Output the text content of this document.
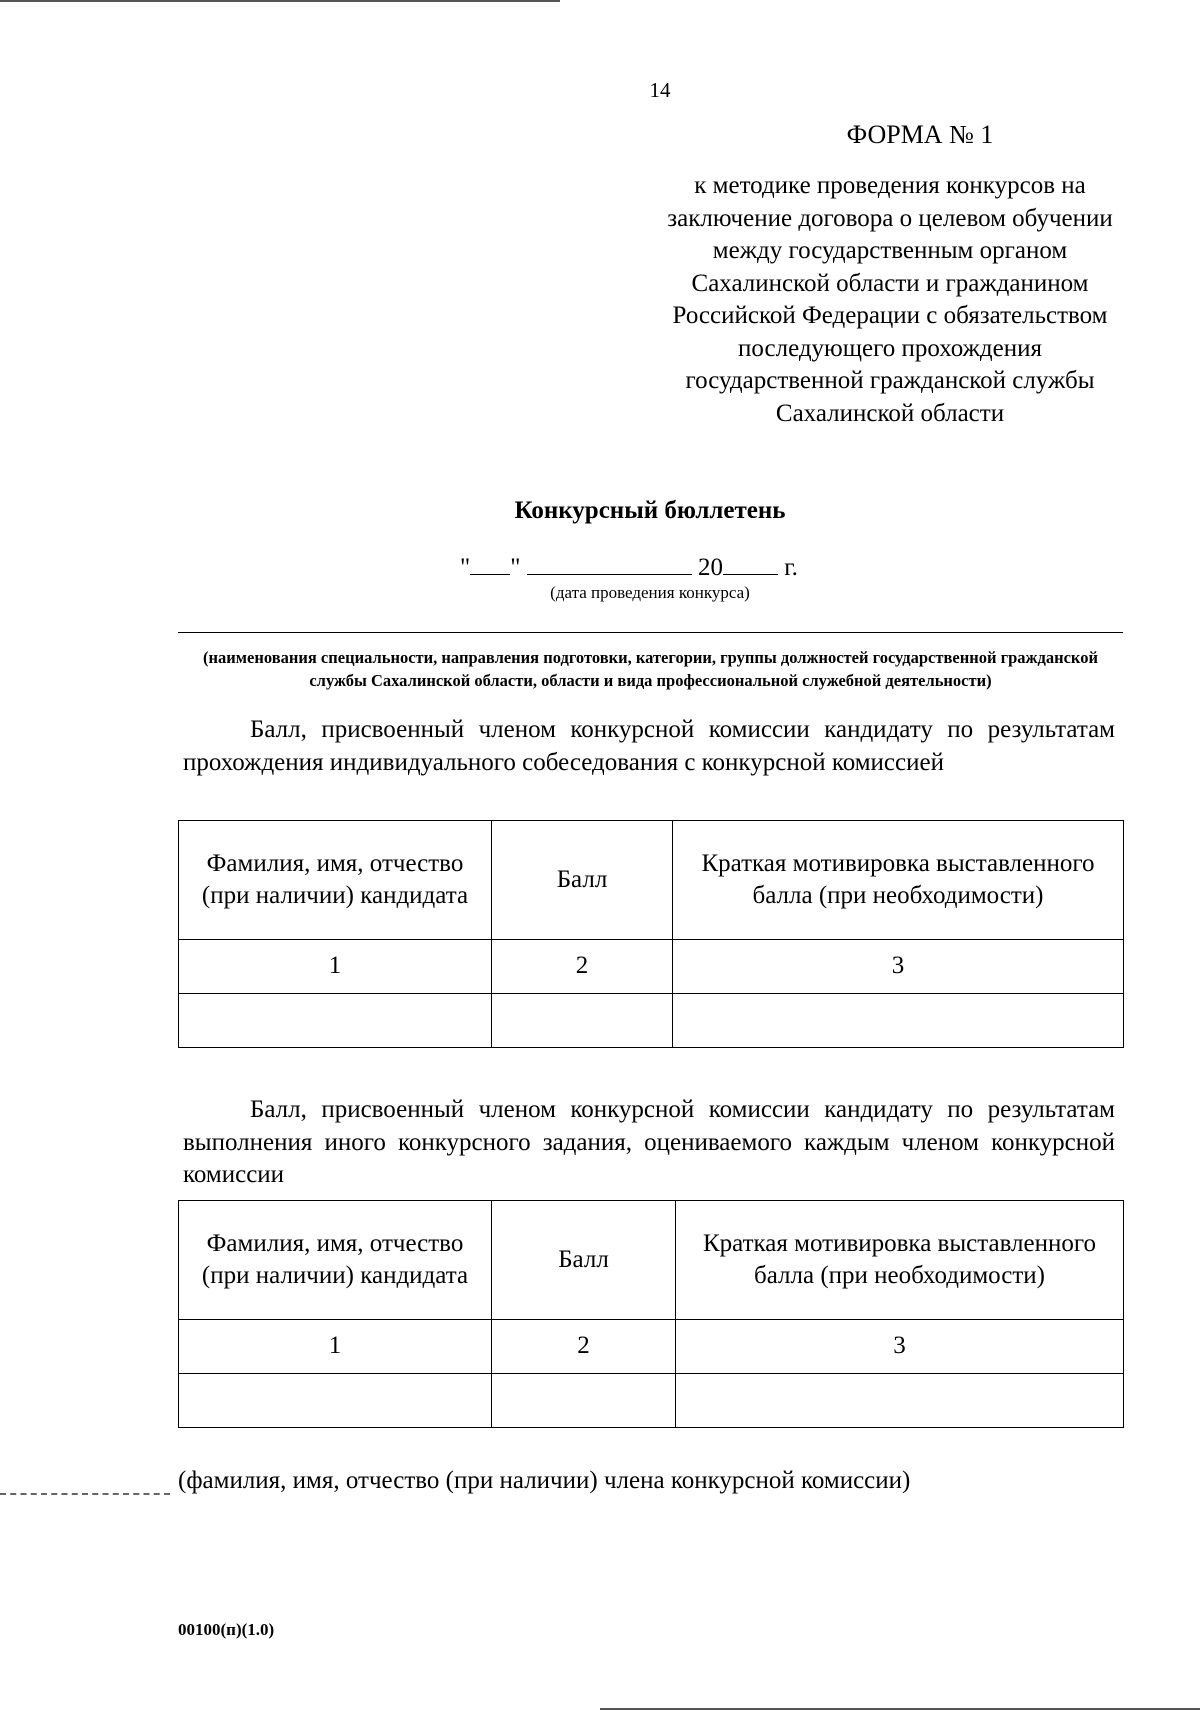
14
ФОРМА № 1
к методике проведения конкурсов на
заключение договора о целевом обучении
между государственным органом
Сахалинской области и гражданином
Российской Федерации с обязательством
последующего прохождения
государственной гражданской службы
Сахалинской области
Конкурсный бюллетень
" "	20 г.
(дата проведения конкурса)
(наименования специальности, направления подготовки, категории, группы должностей государственной гражданской службы Сахалинской области, области и вида профессиональной служебной деятельности)
Балл, присвоенный членом конкурсной комиссии кандидату по результатам прохождения индивидуального собеседования с конкурсной комиссией
Фамилия, имя, отчество (при наличии) кандидата	Балл	Краткая мотивировка выставленного балла (при необходимости)
1	2	3

Балл, присвоенный членом конкурсной комиссии кандидату по результатам выполнения иного конкурсного задания, оцениваемого каждым членом конкурсной комиссии
Фамилия, имя, отчество (при наличии) кандидата	Балл	Краткая мотивировка выставленного балла (при необходимости)
1	2	3

(фамилия, имя, отчество (при наличии) члена конкурсной комиссии)
00100(п)(1.0)
